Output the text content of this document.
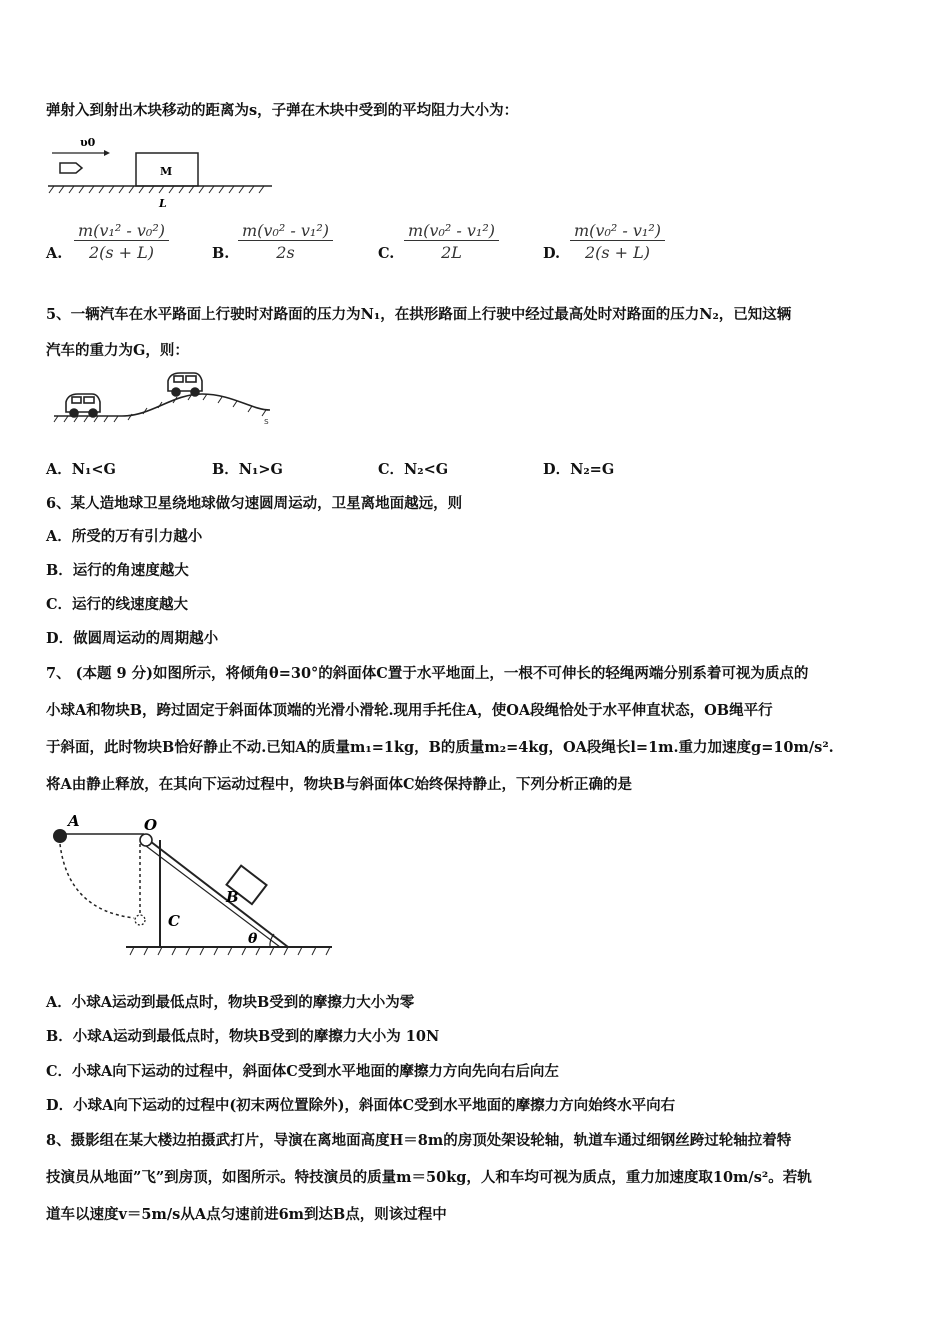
弹射入到射出木块移动的距离为s，子弹在木块中受到的平均阻力大小为：
υ0
M
L
A. $\frac{\text{m(v₁² - v₀²)}}{2(s + L)}$	B. $\frac{\text{m(v₀² - v₁²)}}{2s}$	C. $\frac{\text{m(v₀² - v₁²)}}{2L}$	D. $\frac{\text{m(v₀² - v₁²)}}{2(s + L)}$
5、一辆汽车在水平路面上行驶时对路面的压力为N₁，在拱形路面上行驶中经过最高处时对路面的压力N₂，已知这辆
汽车的重力为G，则：
s
A．N₁<G	B．N₁>G	C．N₂<G	D．N₂=G
6、某人造地球卫星绕地球做匀速圆周运动，卫星离地面越远，则
A．所受的万有引力越小
B．运行的角速度越大
C．运行的线速度越大
D．做圆周运动的周期越小
7、 (本题 9 分)如图所示，将倾角θ=30°的斜面体C置于水平地面上，一根不可伸长的轻绳两端分别系着可视为质点的
小球A和物块B，跨过固定于斜面体顶端的光滑小滑轮.现用手托住A，使OA段绳恰处于水平伸直状态，OB绳平行
于斜面，此时物块B恰好静止不动.已知A的质量m₁=1kg，B的质量m₂=4kg，OA段绳长l=1m.重力加速度g=10m/s².
将A由静止释放，在其向下运动过程中，物块B与斜面体C始终保持静止，下列分析正确的是
A	O
C
B
θ
A．小球A运动到最低点时，物块B受到的摩擦力大小为零
B．小球A运动到最低点时，物块B受到的摩擦力大小为 10N
C．小球A向下运动的过程中，斜面体C受到水平地面的摩擦力方向先向右后向左
D．小球A向下运动的过程中(初末两位置除外)，斜面体C受到水平地面的摩擦力方向始终水平向右
8、摄影组在某大楼边拍摄武打片，导演在离地面高度H＝8m的房顶处架设轮轴，轨道车通过细钢丝跨过轮轴拉着特
技演员从地面”飞”到房顶，如图所示。特技演员的质量m＝50kg，人和车均可视为质点，重力加速度取10m/s²。若轨
道车以速度v＝5m/s从A点匀速前进6m到达B点，则该过程中
